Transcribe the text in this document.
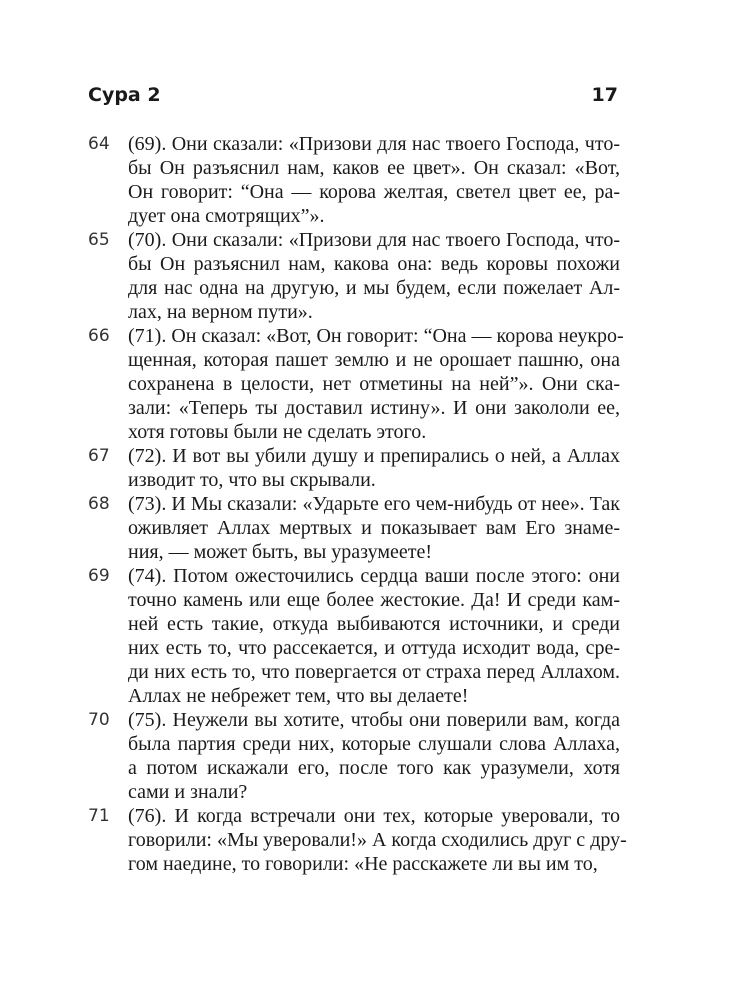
Сура 2	17
64 (69). Они сказали: «Призови для нас твоего Господа, что-
бы Он разъяснил нам, каков ее цвет». Он сказал: «Вот,
Он говорит: “Она — корова желтая, светел цвет ее, ра-
дует она смотрящих”».
65 (70). Они сказали: «Призови для нас твоего Господа, что-
бы Он разъяснил нам, какова она: ведь коровы похожи
для нас одна на другую, и мы будем, если пожелает Ал-
лах, на верном пути».
66 (71). Он сказал: «Вот, Он говорит: “Она — корова неукро-
щенная, которая пашет землю и не орошает пашню, она
сохранена в целости, нет отметины на ней”». Они ска-
зали: «Теперь ты доставил истину». И они закололи ее,
хотя готовы были не сделать этого.
67 (72). И вот вы убили душу и препирались о ней, а Аллах
изводит то, что вы скрывали.
68 (73). И Мы сказали: «Ударьте его чем-нибудь от нее». Так
оживляет Аллах мертвых и показывает вам Его знаме-
ния, — может быть, вы уразумеете!
69 (74). Потом ожесточились сердца ваши после этого: они
точно камень или еще более жестокие. Да! И среди кам-
ней есть такие, откуда выбиваются источники, и среди
них есть то, что рассекается, и оттуда исходит вода, сре-
ди них есть то, что повергается от страха перед Аллахом.
Аллах не небрежет тем, что вы делаете!
70 (75). Неужели вы хотите, чтобы они поверили вам, когда
была партия среди них, которые слушали слова Аллаха,
а потом искажали его, после того как уразумели, хотя
сами и знали?
71 (76). И когда встречали они тех, которые уверовали, то
говорили: «Мы уверовали!» А когда сходились друг с дру-
гом наедине, то говорили: «Не расскажете ли вы им то,
